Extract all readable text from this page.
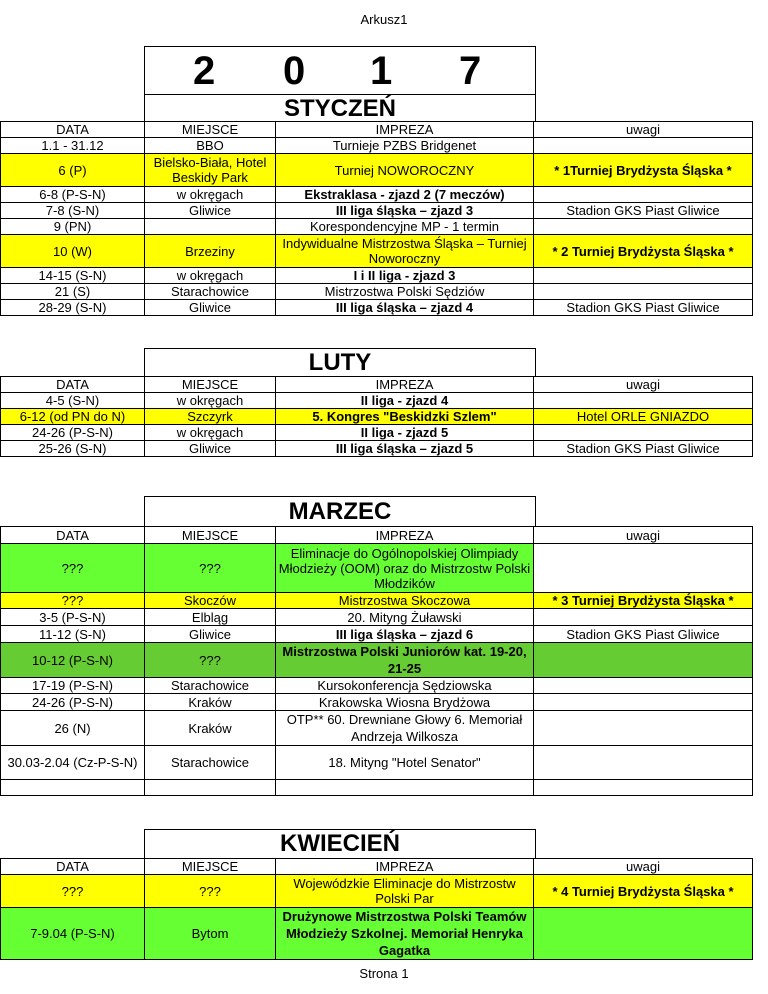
Arkusz1
2 0 1 7
STYCZEŃ
DATA	MIEJSCE	IMPREZA	uwagi
1.1 - 31.12	BBO	Turnieje PZBS Bridgenet	
6 (P)	Bielsko-Biała, Hotel Beskidy Park	Turniej NOWOROCZNY	* 1Turniej Brydżysta Śląska *
6-8 (P-S-N)	w okręgach	Ekstraklasa - zjazd 2 (7 meczów)	
7-8 (S-N)	Gliwice	III liga śląska – zjazd 3	Stadion GKS Piast Gliwice
9 (PN)		Korespondencyjne MP - 1 termin	
10 (W)	Brzeziny	Indywidualne Mistrzostwa Śląska – Turniej Noworoczny	* 2 Turniej Brydżysta Śląska *
14-15 (S-N)	w okręgach	I i II liga - zjazd 3	
21 (S)	Starachowice	Mistrzostwa Polski Sędziów	
28-29 (S-N)	Gliwice	III liga śląska – zjazd 4	Stadion GKS Piast Gliwice
LUTY
DATA	MIEJSCE	IMPREZA	uwagi
4-5 (S-N)	w okręgach	II liga - zjazd 4	
6-12 (od PN do N)	Szczyrk	5. Kongres "Beskidzki Szlem"	Hotel ORLE GNIAZDO
24-26 (P-S-N)	w okręgach	II liga - zjazd 5	
25-26 (S-N)	Gliwice	III liga śląska – zjazd 5	Stadion GKS Piast Gliwice
MARZEC
DATA	MIEJSCE	IMPREZA	uwagi
???	???	Eliminacje do Ogólnopolskiej Olimpiady Młodzieży (OOM) oraz do Mistrzostw Polski Młodzików	
???	Skoczów	Mistrzostwa Skoczowa	* 3 Turniej Brydżysta Śląska *
3-5 (P-S-N)	Elbląg	20. Mityng Żuławski	
11-12 (S-N)	Gliwice	III liga śląska – zjazd 6	Stadion GKS Piast Gliwice
10-12 (P-S-N)	???	Mistrzostwa Polski Juniorów kat. 19-20, 21-25	
17-19 (P-S-N)	Starachowice	Kursokonferencja Sędziowska	
24-26 (P-S-N)	Kraków	Krakowska Wiosna Brydżowa	
26 (N)	Kraków	OTP** 60. Drewniane Głowy 6. Memoriał Andrzeja Wilkosza	
30.03-2.04 (Cz-P-S-N)	Starachowice	18. Mityng "Hotel Senator"	

KWIECIEŃ
DATA	MIEJSCE	IMPREZA	uwagi
???	???	Wojewódzkie Eliminacje do Mistrzostw Polski Par	* 4 Turniej Brydżysta Śląska *
7-9.04 (P-S-N)	Bytom	Drużynowe Mistrzostwa Polski Teamów Młodzieży Szkolnej. Memoriał Henryka Gagatka	
Strona 1
